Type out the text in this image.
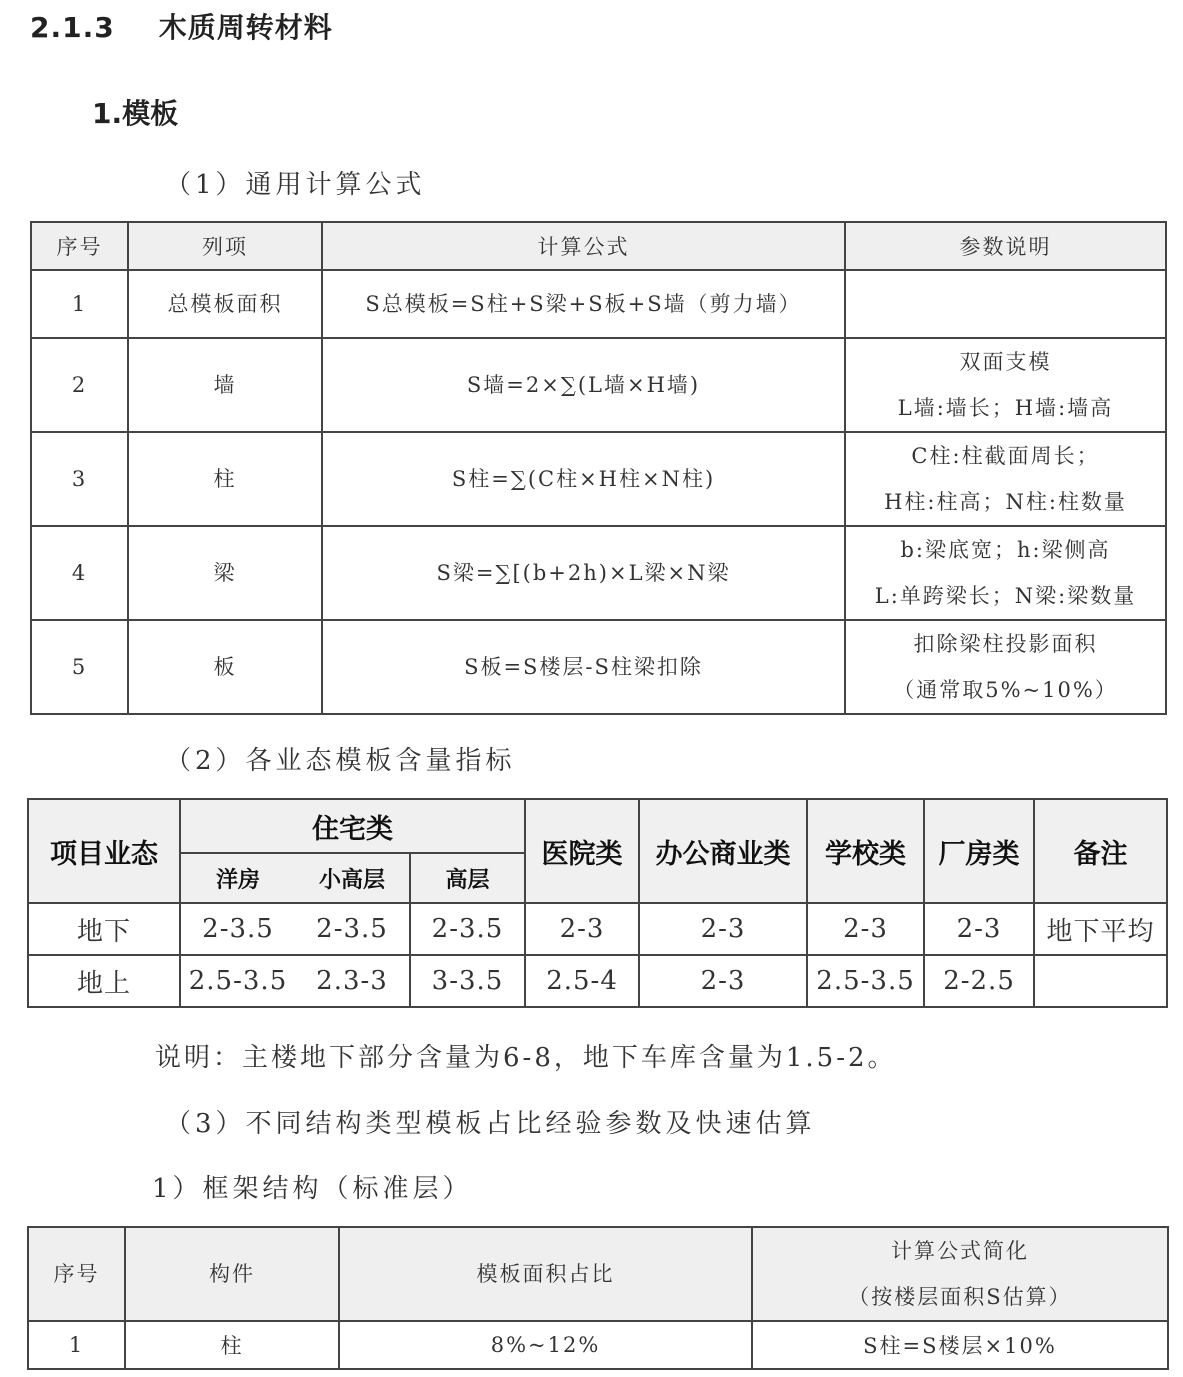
2.1.3 木质周转材料
1.模板
（1）通用计算公式
序号	列项	计算公式	参数说明
1	总模板面积	S总模板=S柱+S梁+S板+S墙（剪力墙）	

2	墙	S墙=2×∑(L墙×H墙)	双面支模
L墙:墙长；H墙:墙高

3	柱	S柱=∑(C柱×H柱×N柱)	C柱:柱截面周长；
H柱:柱高；N柱:柱数量

4	梁	S梁=∑[(b+2h)×L梁×N梁	b:梁底宽；h:梁侧高
L:单跨梁长；N梁:梁数量

5	板	S板=S楼层-S柱梁扣除	扣除梁柱投影面积
（通常取5%~10%）
（2）各业态模板含量指标
项目业态	住宅类			医院类	办公商业类	学校类	厂房类	备注
	洋房	小高层	高层					
地下	2-3.5	2-3.5	2-3.5	2-3	2-3	2-3	2-3	地下平均
地上	2.5-3.5	2.3-3	3-3.5	2.5-4	2-3	2.5-3.5	2-2.5	
说明：主楼地下部分含量为6-8，地下车库含量为1.5-2。
（3）不同结构类型模板占比经验参数及快速估算
1）框架结构（标准层）
序号	构件	模板面积占比	计算公式简化
（按楼层面积S估算）

1	柱	8%~12%	S柱=S楼层×10%
